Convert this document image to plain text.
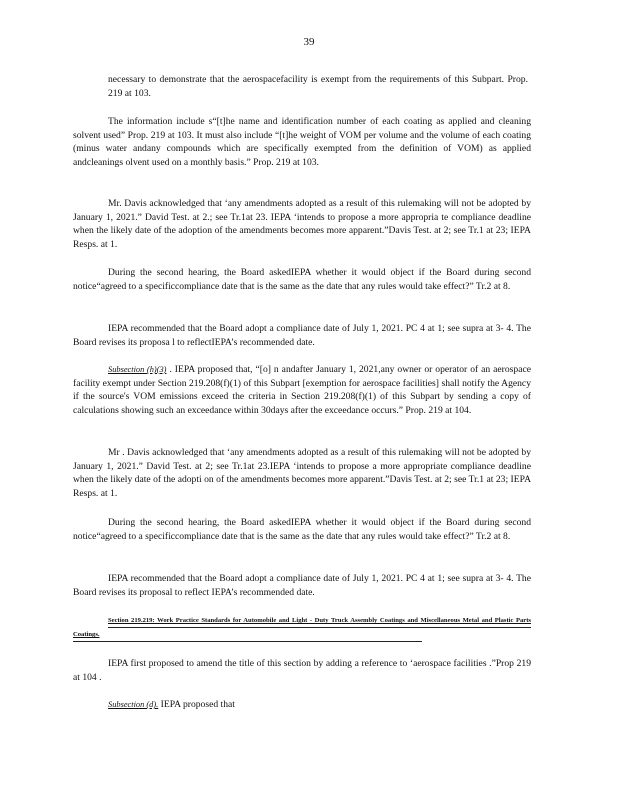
39

necessary to demonstrate that the aerospacefacility is exempt from the requirements of this Subpart. Prop. 219 at 103.

The information include s“[t]he name and identification number of each coating as applied and cleaning solvent used” Prop. 219 at 103. It must also include “[t]he weight of VOM per volume and the volume of each coating (minus water andany compounds which are specifically exempted from the definition of VOM) as applied andcleanings olvent used on a monthly basis.” Prop. 219 at 103.

Mr. Davis acknowledged that ‘any amendments adopted as a result of this rulemaking will not be adopted by January 1, 2021.” David Test. at 2.; see Tr.1at 23. IEPA ‘intends to propose a more appropria te compliance deadline when the likely date of the adoption of the amendments becomes more apparent.”Davis Test. at 2; see Tr.1 at 23; IEPA Resps. at 1.

During the second hearing, the Board askedIEPA whether it would object if the Board during second notice“agreed to a specificcompliance date that is the same as the date that any rules would take effect?” Tr.2 at 8.

IEPA recommended that the Board adopt a compliance date of July 1, 2021. PC 4 at 1; see supra at 3- 4. The Board revises its proposa l to reflectIEPA’s recommended date.

Subsection (h)(3) . IEPA proposed that, “[o] n andafter January 1, 2021,any owner or operator of an aerospace facility exempt under Section 219.208(f)(1) of this Subpart [exemption for aerospace facilities] shall notify the Agency if the source's VOM emissions exceed the criteria in Section 219.208(f)(1) of this Subpart by sending a copy of calculations showing such an exceedance within 30days after the exceedance occurs.” Prop. 219 at 104.

Mr . Davis acknowledged that ‘any amendments adopted as a result of this rulemaking will not be adopted by January 1, 2021.” David Test. at 2; see Tr.1at 23.IEPA ‘intends to propose a more appropriate compliance deadline when the likely date of the adopti on of the amendments becomes more apparent.”Davis Test. at 2; see Tr.1 at 23; IEPA Resps. at 1.

During the second hearing, the Board askedIEPA whether it would object if the Board during second notice“agreed to a specificcompliance date that is the same as the date that any rules would take effect?” Tr.2 at 8.

IEPA recommended that the Board adopt a compliance date of July 1, 2021. PC 4 at 1; see supra at 3- 4. The Board revises its proposal to reflect IEPA’s recommended date.

Section 219.219: Work Practice Standards for Automobile and Light - Duty Truck Assembly Coatings and Miscellaneous Metal and Plastic Parts Coatings.

IEPA first proposed to amend the title of this section by adding a reference to ‘aerospace facilities .”Prop 219 at 104 .

Subsection (d). IEPA proposed that
